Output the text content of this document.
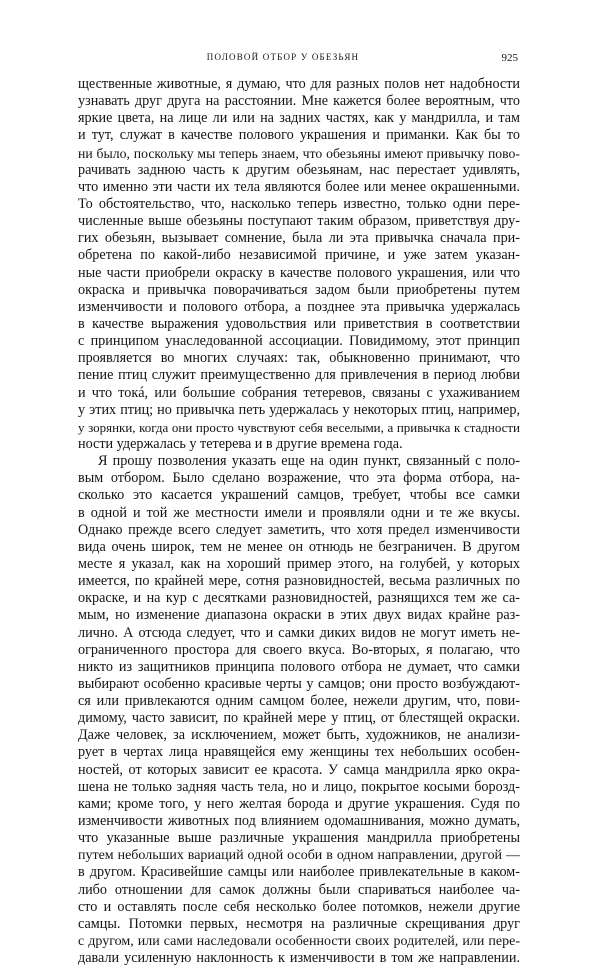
ПОЛОВОЙ ОТБОР У ОБЕЗЬЯН	925
щественные животные, я думаю, что для разных полов нет надобности
узнавать друг друга на расстоянии. Мне кажется более вероятным, что
яркие цвета, на лице ли или на задних частях, как у мандрилла, и там
и тут, служат в качестве полового украшения и приманки. Как бы то
ни было, поскольку мы теперь знаем, что обезьяны имеют привычку пово-
рачивать заднюю часть к другим обезьянам, нас перестает удивлять,
что именно эти части их тела являются более или менее окрашенными.
То обстоятельство, что, насколько теперь известно, только одни пере-
численные выше обезьяны поступают таким образом, приветствуя дру-
гих обезьян, вызывает сомнение, была ли эта привычка сначала при-
обретена по какой-либо независимой причине, и уже затем указан-
ные части приобрели окраску в качестве полового украшения, или что
окраска и привычка поворачиваться задом были приобретены путем
изменчивости и полового отбора, а позднее эта привычка удержалась
в качестве выражения удовольствия или приветствия в соответствии
с принципом унаследованной ассоциации. Повидимому, этот принцип
проявляется во многих случаях: так, обыкновенно принимают, что
пение птиц служит преимущественно для привлечения в период любви
и что токá, или большие собрания тетеревов, связаны с ухаживанием
у этих птиц; но привычка петь удержалась у некоторых птиц, например,
у зорянки, когда они просто чувствуют себя веселыми, а привычка к стадности
ности удержалась у тетерева и в другие времена года.
Я прошу позволения указать еще на один пункт, связанный с поло-
вым отбором. Было сделано возражение, что эта форма отбора, на-
сколько это касается украшений самцов, требует, чтобы все самки
в одной и той же местности имели и проявляли одни и те же вкусы.
Однако прежде всего следует заметить, что хотя предел изменчивости
вида очень широк, тем не менее он отнюдь не безграничен. В другом
месте я указал, как на хороший пример этого, на голубей, у которых
имеется, по крайней мере, сотня разновидностей, весьма различных по
окраске, и на кур с десятками разновидностей, разнящихся тем же са-
мым, но изменение диапазона окраски в этих двух видах крайне раз-
лично. А отсюда следует, что и самки диких видов не могут иметь не-
ограниченного простора для своего вкуса. Во-вторых, я полагаю, что
никто из защитников принципа полового отбора не думает, что самки
выбирают особенно красивые черты у самцов; они просто возбуждают-
ся или привлекаются одним самцом более, нежели другим, что, пови-
димому, часто зависит, по крайней мере у птиц, от блестящей окраски.
Даже человек, за исключением, может быть, художников, не анализи-
рует в чертах лица нравящейся ему женщины тех небольших особен-
ностей, от которых зависит ее красота. У самца мандрилла ярко окра-
шена не только задняя часть тела, но и лицо, покрытое косыми борозд-
ками; кроме того, у него желтая борода и другие украшения. Судя по
изменчивости животных под влиянием одомашнивания, можно думать,
что указанные выше различные украшения мандрилла приобретены
путем небольших вариаций одной особи в одном направлении, другой —
в другом. Красивейшие самцы или наиболее привлекательные в каком-
либо отношении для самок должны были спариваться наиболее ча-
сто и оставлять после себя несколько более потомков, нежели другие
самцы. Потомки первых, несмотря на различные скрещивания друг
с другом, или сами наследовали особенности своих родителей, или пере-
давали усиленную наклонность к изменчивости в том же направлении.
